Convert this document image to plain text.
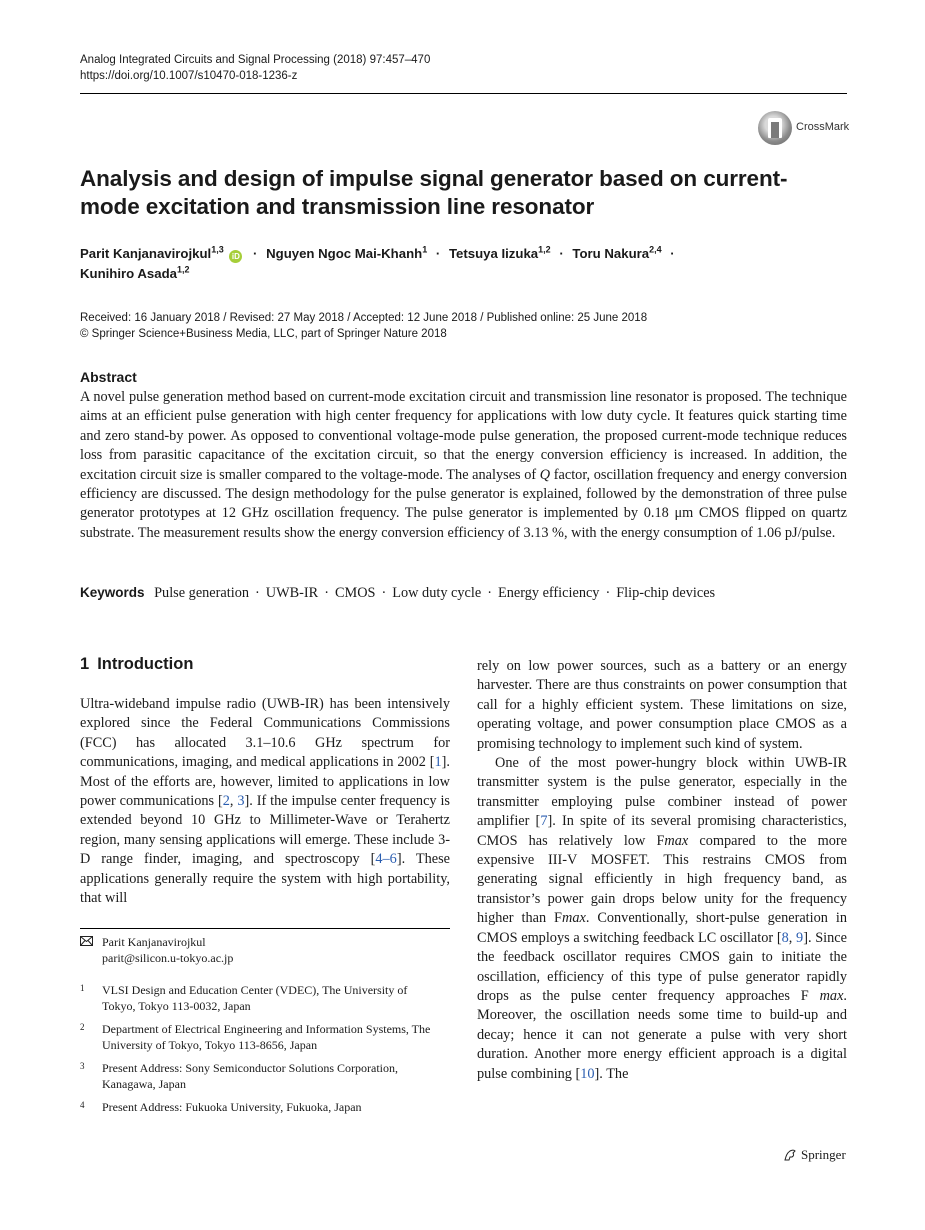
Analog Integrated Circuits and Signal Processing (2018) 97:457–470
https://doi.org/10.1007/s10470-018-1236-z
CrossMark
Analysis and design of impulse signal generator based on current-mode excitation and transmission line resonator
Parit Kanjanavirojkul$^{1,3}$ iD · Nguyen Ngoc Mai-Khanh$^1$ · Tetsuya Iizuka$^{1,2}$ · Toru Nakura$^{2,4}$ ·
Kunihiro Asada$^{1,2}$
Received: 16 January 2018 / Revised: 27 May 2018 / Accepted: 12 June 2018 / Published online: 25 June 2018
© Springer Science+Business Media, LLC, part of Springer Nature 2018
Abstract
A novel pulse generation method based on current-mode excitation circuit and transmission line resonator is proposed. The technique aims at an efficient pulse generation with high center frequency for applications with low duty cycle. It features quick starting time and zero stand-by power. As opposed to conventional voltage-mode pulse generation, the proposed current-mode technique reduces loss from parasitic capacitance of the excitation circuit, so that the energy conversion efficiency is increased. In addition, the excitation circuit size is smaller compared to the voltage-mode. The analyses of Q factor, oscillation frequency and energy conversion efficiency are discussed. The design methodology for the pulse generator is explained, followed by the demonstration of three pulse generator prototypes at 12 GHz oscillation frequency. The pulse generator is implemented by 0.18 μm CMOS flipped on quartz substrate. The measurement results show the energy conversion efficiency of 3.13 %, with the energy consumption of 1.06 pJ/pulse.
Keywords Pulse generation · UWB-IR · CMOS · Low duty cycle · Energy efficiency · Flip-chip devices
1 Introduction

Ultra-wideband impulse radio (UWB-IR) has been intensively explored since the Federal Communications Commissions (FCC) has allocated 3.1–10.6 GHz spectrum for communications, imaging, and medical applications in 2002 [1]. Most of the efforts are, however, limited to applications in low power communications [2, 3]. If the impulse center frequency is extended beyond 10 GHz to Millimeter-Wave or Terahertz region, many sensing applications will emerge. These include 3-D range finder, imaging, and spectroscopy [4–6]. These applications generally require the system with high portability, that will

rely on low power sources, such as a battery or an energy harvester. There are thus constraints on power consumption that call for a highly efficient system. These limitations on size, operating voltage, and power consumption place CMOS as a promising technology to implement such kind of system.

One of the most power-hungry block within UWB-IR transmitter system is the pulse generator, especially in the transmitter employing pulse combiner instead of power amplifier [7]. In spite of its several promising characteristics, CMOS has relatively low Fmax compared to the more expensive III-V MOSFET. This restrains CMOS from generating signal efficiently in high frequency band, as transistor’s power gain drops below unity for the frequency higher than Fmax. Conventionally, short-pulse generation in CMOS employs a switching feedback LC oscillator [8, 9]. Since the feedback oscillator requires CMOS gain to initiate the oscillation, efficiency of this type of pulse generator rapidly drops as the pulse center frequency approaches F max. Moreover, the oscillation needs some time to build-up and decay; hence it can not generate a pulse with very short duration. Another more energy efficient approach is a digital pulse combining [10]. The

Parit Kanjanavirojkul
parit@silicon.u-tokyo.ac.jp
1	VLSI Design and Education Center (VDEC), The University of Tokyo, Tokyo 113-0032, Japan
2	Department of Electrical Engineering and Information Systems, The University of Tokyo, Tokyo 113-8656, Japan
3	Present Address: Sony Semiconductor Solutions Corporation, Kanagawa, Japan
4	Present Address: Fukuoka University, Fukuoka, Japan
Springer
